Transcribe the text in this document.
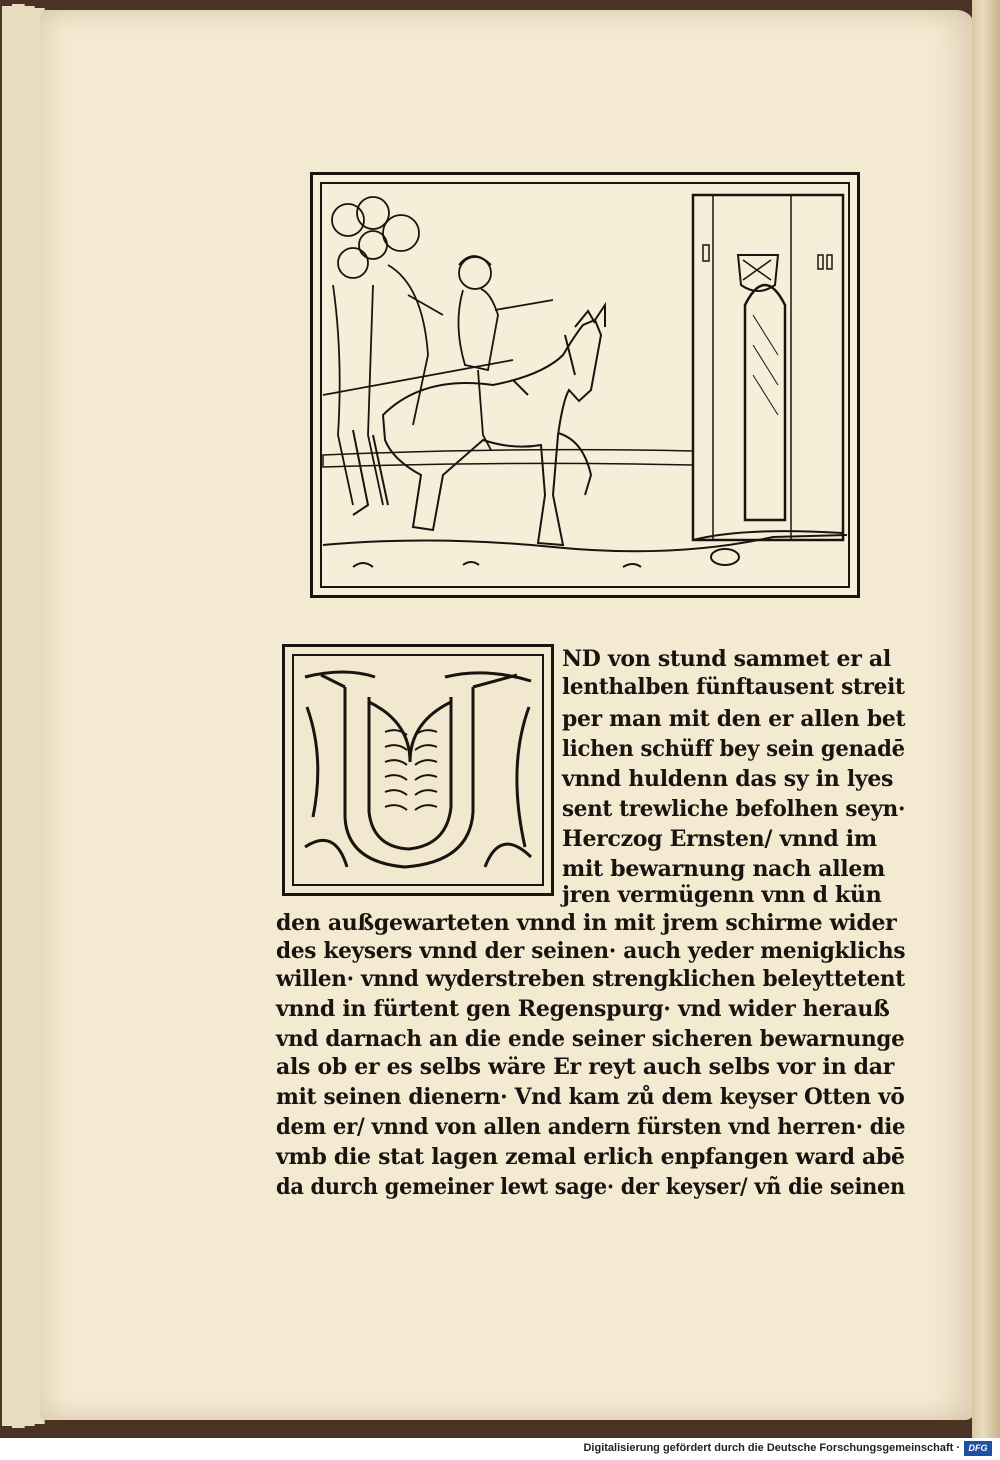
ND von stund sammet er al
lenthalben fünftausent streit
per man mit den er allen bet
lichen schüff bey sein genadē
vnnd huldenn das sy in lyes
sent trewliche befolhen seyn·
Herczog Ernsten/ vnnd im
mit bewarnung nach allem
jren vermügenn vnn d kün
den außgewarteten vnnd in mit jrem schirme wider
des keysers vnnd der seinen· auch yeder menigklichs
willen· vnnd wyderstreben strengklichen beleyttetent
vnnd in fürtent gen Regenspurg· vnd wider herauß
vnd darnach an die ende seiner sicheren bewarnunge
als ob er es selbs wäre Er reyt auch selbs vor in dar
mit seinen dienern· Vnd kam zů dem keyser Otten vō
dem er/ vnnd von allen andern fürsten vnd herren· die
vmb die stat lagen zemal erlich enpfangen ward abē
da durch gemeiner lewt sage· der keyser/ vñ die seinen
Digitalisierung gefördert durch die Deutsche Forschungsgemeinschaft · DFG
